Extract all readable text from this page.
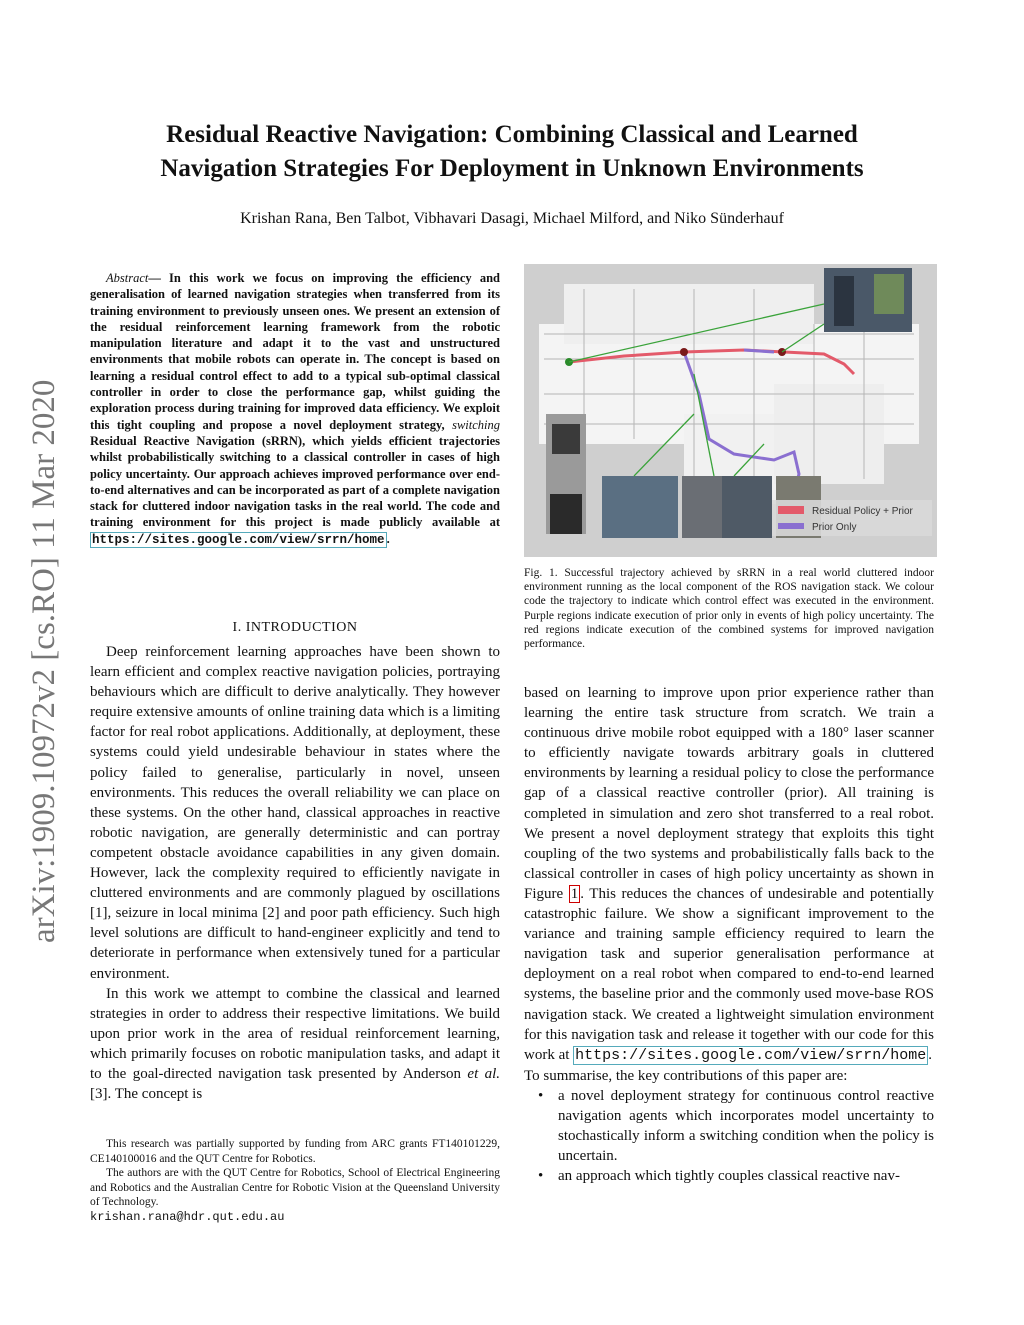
arXiv:1909.10972v2 [cs.RO] 11 Mar 2020
Residual Reactive Navigation: Combining Classical and Learned
Navigation Strategies For Deployment in Unknown Environments
Krishan Rana, Ben Talbot, Vibhavari Dasagi, Michael Milford, and Niko Sünderhauf
Abstract— In this work we focus on improving the efficiency and generalisation of learned navigation strategies when transferred from its training environment to previously unseen ones. We present an extension of the residual reinforcement learning framework from the robotic manipulation literature and adapt it to the vast and unstructured environments that mobile robots can operate in. The concept is based on learning a residual control effect to add to a typical sub-optimal classical controller in order to close the performance gap, whilst guiding the exploration process during training for improved data efficiency. We exploit this tight coupling and propose a novel deployment strategy, switching Residual Reactive Navigation (sRRN), which yields efficient trajectories whilst probabilistically switching to a classical controller in cases of high policy uncertainty. Our approach achieves improved performance over end-to-end alternatives and can be incorporated as part of a complete navigation stack for cluttered indoor navigation tasks in the real world. The code and training environment for this project is made publicly available at https://sites.google.com/view/srrn/home .
I. INTRODUCTION

Deep reinforcement learning approaches have been shown to learn efficient and complex reactive navigation policies, portraying behaviours which are difficult to derive analytically. They however require extensive amounts of online training data which is a limiting factor for real robot applications. Additionally, at deployment, these systems could yield undesirable behaviour in states where the policy failed to generalise, particularly in novel, unseen environments. This reduces the overall reliability we can place on these systems. On the other hand, classical approaches in reactive robotic navigation, are generally deterministic and can portray competent obstacle avoidance capabilities in any given domain. However, lack the complexity required to efficiently navigate in cluttered environments and are commonly plagued by oscillations [1], seizure in local minima [2] and poor path efficiency. Such high level solutions are difficult to hand-engineer explicitly and tend to deteriorate in performance when extensively tuned for a particular environment.

In this work we attempt to combine the classical and learned strategies in order to address their respective limitations. We build upon prior work in the area of residual reinforcement learning, which primarily focuses on robotic manipulation tasks, and adapt it to the goal-directed navigation task presented by Anderson et al. [3]. The concept is

This research was partially supported by funding from ARC grants FT140101229, CE140100016 and the QUT Centre for Robotics.

The authors are with the QUT Centre for Robotics, School of Electrical Engineering and Robotics and the Australian Centre for Robotic Vision at the Queensland University of Technology.

krishan.rana@hdr.qut.edu.au
Residual Policy + Prior
Prior Only
Fig. 1. Successful trajectory achieved by sRRN in a real world cluttered indoor environment running as the local component of the ROS navigation stack. We colour code the trajectory to indicate which control effect was executed in the environment. Purple regions indicate execution of prior only in events of high policy uncertainty. The red regions indicate execution of the combined systems for improved navigation performance.

based on learning to improve upon prior experience rather than learning the entire task structure from scratch. We train a continuous drive mobile robot equipped with a 180° laser scanner to efficiently navigate towards arbitrary goals in cluttered environments by learning a residual policy to close the performance gap of a classical reactive controller (prior). All training is completed in simulation and zero shot transferred to a real robot. We present a novel deployment strategy that exploits this tight coupling of the two systems and probabilistically falls back to the classical controller in cases of high policy uncertainty as shown in Figure 1 . This reduces the chances of undesirable and potentially catastrophic failure. We show a significant improvement to the variance and training sample efficiency required to learn the navigation task and superior generalisation performance at deployment on a real robot when compared to end-to-end learned systems, the baseline prior and the commonly used move-base ROS navigation stack. We created a lightweight simulation environment for this navigation task and release it together with our code for this work at https://sites.google.com/view/srrn/home .

To summarise, the key contributions of this paper are:

• a novel deployment strategy for continuous control reactive navigation agents which incorporates model uncertainty to stochastically inform a switching condition when the policy is uncertain.
• an approach which tightly couples classical reactive nav-
